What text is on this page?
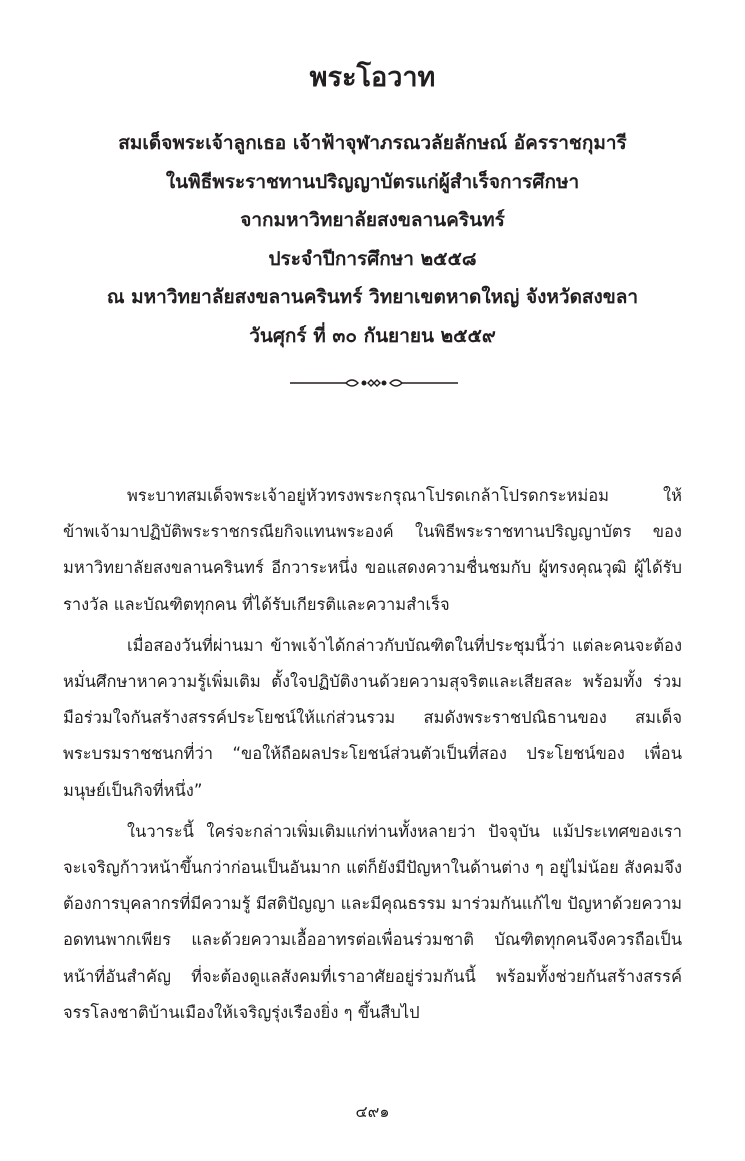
พระโอวาท
สมเด็จพระเจ้าลูกเธอ เจ้าฟ้าจุฬาภรณวลัยลักษณ์ อัครราชกุมารี
ในพิธีพระราชทานปริญญาบัตรแก่ผู้สำเร็จการศึกษา
จากมหาวิทยาลัยสงขลานครินทร์
ประจำปีการศึกษา ๒๕๕๘
ณ มหาวิทยาลัยสงขลานครินทร์ วิทยาเขตหาดใหญ่ จังหวัดสงขลา
วันศุกร์ ที่ ๓๐ กันยายน ๒๕๕๙

พระบาทสมเด็จพระเจ้าอยู่หัวทรงพระกรุณาโปรดเกล้าโปรดกระหม่อม ให้ข้าพเจ้ามาปฏิบัติพระราชกรณียกิจแทนพระองค์ ในพิธีพระราชทานปริญญาบัตร ของมหาวิทยาลัยสงขลานครินทร์ อีกวาระหนึ่ง ขอแสดงความชื่นชมกับ ผู้ทรงคุณวุฒิ ผู้ได้รับรางวัล และบัณฑิตทุกคน ที่ได้รับเกียรติและความสำเร็จ

เมื่อสองวันที่ผ่านมา ข้าพเจ้าได้กล่าวกับบัณฑิตในที่ประชุมนี้ว่า แต่ละคนจะต้อง หมั่นศึกษาหาความรู้เพิ่มเติม ตั้งใจปฏิบัติงานด้วยความสุจริตและเสียสละ พร้อมทั้ง ร่วมมือร่วมใจกันสร้างสรรค์ประโยชน์ให้แก่ส่วนรวม สมดังพระราชปณิธานของ สมเด็จพระบรมราชชนกที่ว่า “ขอให้ถือผลประโยชน์ส่วนตัวเป็นที่สอง ประโยชน์ของ เพื่อนมนุษย์เป็นกิจที่หนึ่ง”

ในวาระนี้ ใคร่จะกล่าวเพิ่มเติมแก่ท่านทั้งหลายว่า ปัจจุบัน แม้ประเทศของเรา จะเจริญก้าวหน้าขึ้นกว่าก่อนเป็นอันมาก แต่ก็ยังมีปัญหาในด้านต่าง ๆ อยู่ไม่น้อย สังคมจึงต้องการบุคลากรที่มีความรู้ มีสติปัญญา และมีคุณธรรม มาร่วมกันแก้ไข ปัญหาด้วยความอดทนพากเพียร และด้วยความเอื้ออาทรต่อเพื่อนร่วมชาติ บัณฑิตทุกคนจึงควรถือเป็นหน้าที่อันสำคัญ ที่จะต้องดูแลสังคมที่เราอาศัยอยู่ร่วมกันนี้ พร้อมทั้งช่วยกันสร้างสรรค์จรรโลงชาติบ้านเมืองให้เจริญรุ่งเรืองยิ่ง ๆ ขึ้นสืบไป

๔๙๑
